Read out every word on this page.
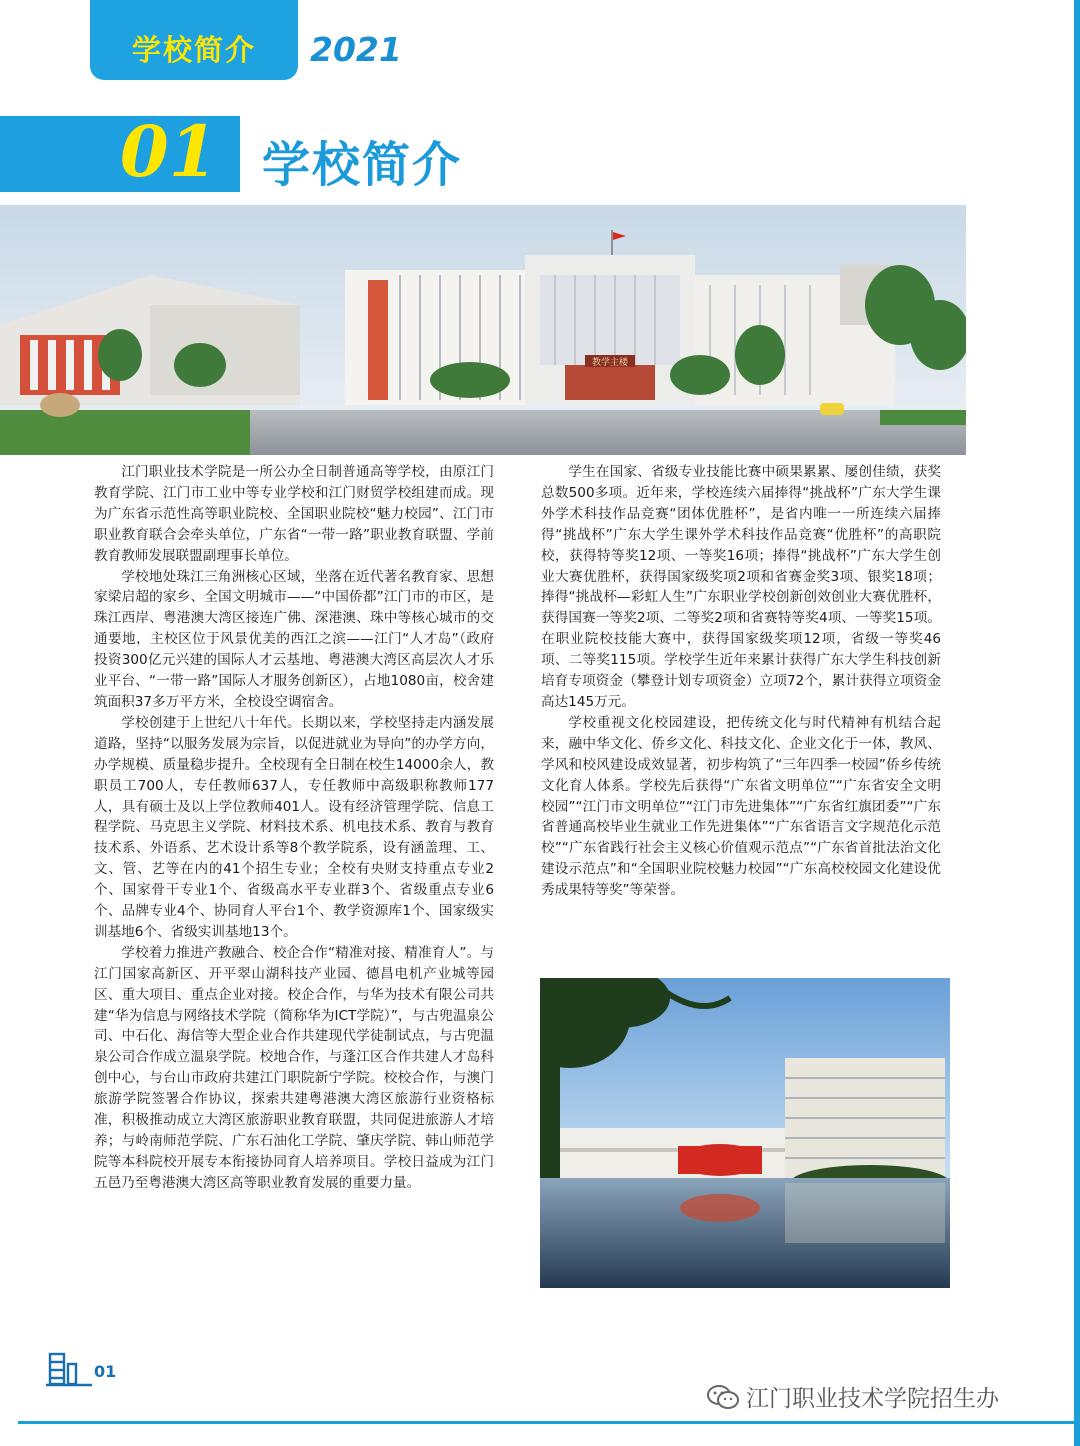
学校简介	2021
01 学校简介
教学主楼

江门职业技术学院是一所公办全日制普通高等学校，由原江门教育学院、江门市工业中等专业学校和江门财贸学校组建而成。现为广东省示范性高等职业院校、全国职业院校“魅力校园”、江门市职业教育联合会牵头单位，广东省“一带一路”职业教育联盟、学前教育教师发展联盟副理事长单位。

学校地处珠江三角洲核心区域，坐落在近代著名教育家、思想家梁启超的家乡、全国文明城市——“中国侨都”江门市的市区，是珠江西岸、粤港澳大湾区接连广佛、深港澳、珠中等核心城市的交通要地，主校区位于风景优美的西江之滨——江门“人才岛”（政府投资300亿元兴建的国际人才云基地、粤港澳大湾区高层次人才乐业平台、“一带一路”国际人才服务创新区），占地1080亩，校舍建筑面积37多万平方米，全校设空调宿舍。

学校创建于上世纪八十年代。长期以来，学校坚持走内涵发展道路，坚持“以服务发展为宗旨，以促进就业为导向”的办学方向，办学规模、质量稳步提升。全校现有全日制在校生14000余人，教职员工700人，专任教师637人，专任教师中高级职称教师177人，具有硕士及以上学位教师401人。设有经济管理学院、信息工程学院、马克思主义学院、材料技术系、机电技术系、教育与教育技术系、外语系、艺术设计系等8个教学院系，设有涵盖理、工、文、管、艺等在内的41个招生专业；全校有央财支持重点专业2个、国家骨干专业1个、省级高水平专业群3个、省级重点专业6个、品牌专业4个、协同育人平台1个、教学资源库1个、国家级实训基地6个、省级实训基地13个。

学校着力推进产教融合、校企合作“精准对接、精准育人”。与江门国家高新区、开平翠山湖科技产业园、德昌电机产业城等园区、重大项目、重点企业对接。校企合作，与华为技术有限公司共建“华为信息与网络技术学院（简称华为ICT学院）”，与古兜温泉公司、中石化、海信等大型企业合作共建现代学徒制试点，与古兜温泉公司合作成立温泉学院。校地合作，与蓬江区合作共建人才岛科创中心，与台山市政府共建江门职院新宁学院。校校合作，与澳门旅游学院签署合作协议，探索共建粤港澳大湾区旅游行业资格标准，积极推动成立大湾区旅游职业教育联盟，共同促进旅游人才培养；与岭南师范学院、广东石油化工学院、肇庆学院、韩山师范学院等本科院校开展专本衔接协同育人培养项目。学校日益成为江门五邑乃至粤港澳大湾区高等职业教育发展的重要力量。

学生在国家、省级专业技能比赛中硕果累累、屡创佳绩，获奖总数500多项。近年来，学校连续六届捧得“挑战杯”广东大学生课外学术科技作品竞赛“团体优胜杯”，是省内唯一一所连续六届捧得“挑战杯”广东大学生课外学术科技作品竞赛“优胜杯”的高职院校，获得特等奖12项、一等奖16项；捧得“挑战杯”广东大学生创业大赛优胜杯，获得国家级奖项2项和省赛金奖3项、银奖18项；捧得“挑战杯—彩虹人生”广东职业学校创新创效创业大赛优胜杯，获得国赛一等奖2项、二等奖2项和省赛特等奖4项、一等奖15项。在职业院校技能大赛中，获得国家级奖项12项，省级一等奖46项、二等奖115项。学校学生近年来累计获得广东大学生科技创新培育专项资金（攀登计划专项资金）立项72个，累计获得立项资金高达145万元。

学校重视文化校园建设，把传统文化与时代精神有机结合起来，融中华文化、侨乡文化、科技文化、企业文化于一体，教风、学风和校风建设成效显著，初步构筑了“三年四季一校园”侨乡传统文化育人体系。学校先后获得“广东省文明单位”“广东省安全文明校园”“江门市文明单位”“江门市先进集体”“广东省红旗团委”“广东省普通高校毕业生就业工作先进集体”“广东省语言文字规范化示范校”“广东省践行社会主义核心价值观示范点”“广东省首批法治文化建设示范点”和“全国职业院校魅力校园”“广东高校校园文化建设优秀成果特等奖”等荣誉。

01
江门职业技术学院招生办
